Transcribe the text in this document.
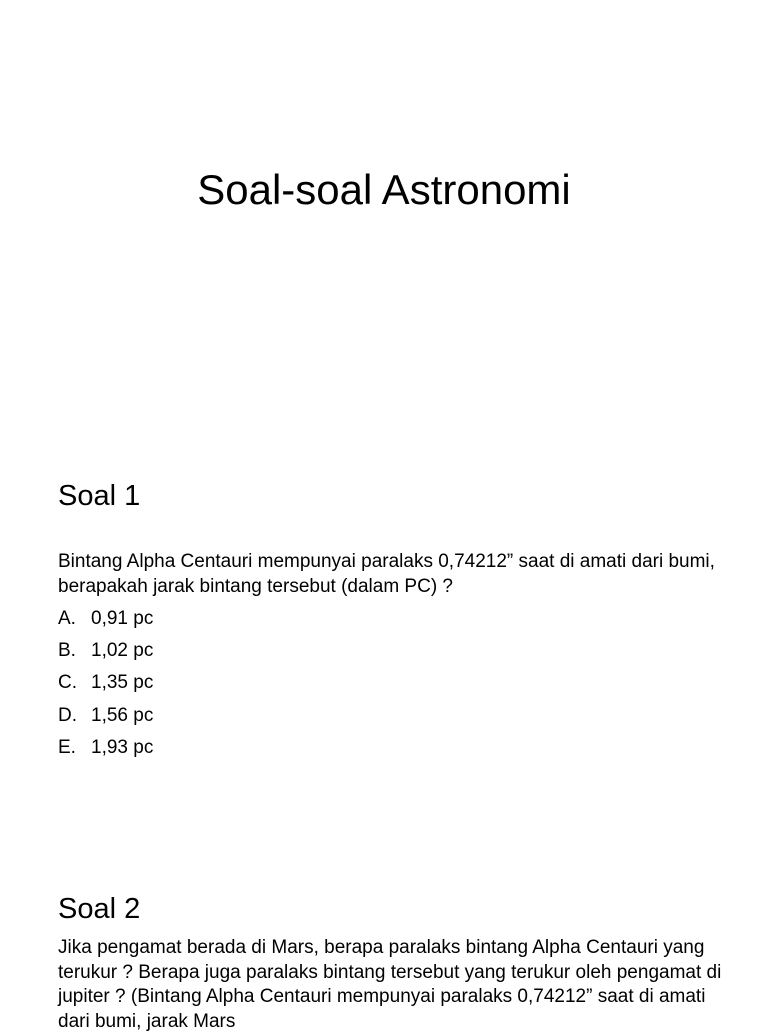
Soal-soal Astronomi
Soal 1

Bintang Alpha Centauri mempunyai paralaks 0,74212” saat di amati dari bumi, berapakah jarak bintang tersebut (dalam PC) ?

A. 0,91 pc
B. 1,02 pc
C. 1,35 pc
D. 1,56 pc
E. 1,93 pc
Soal 2

Jika pengamat berada di Mars, berapa paralaks bintang Alpha Centauri yang terukur ? Berapa juga paralaks bintang tersebut yang terukur oleh pengamat di jupiter ? (Bintang Alpha Centauri mempunyai paralaks 0,74212” saat di amati dari bumi, jarak Mars
